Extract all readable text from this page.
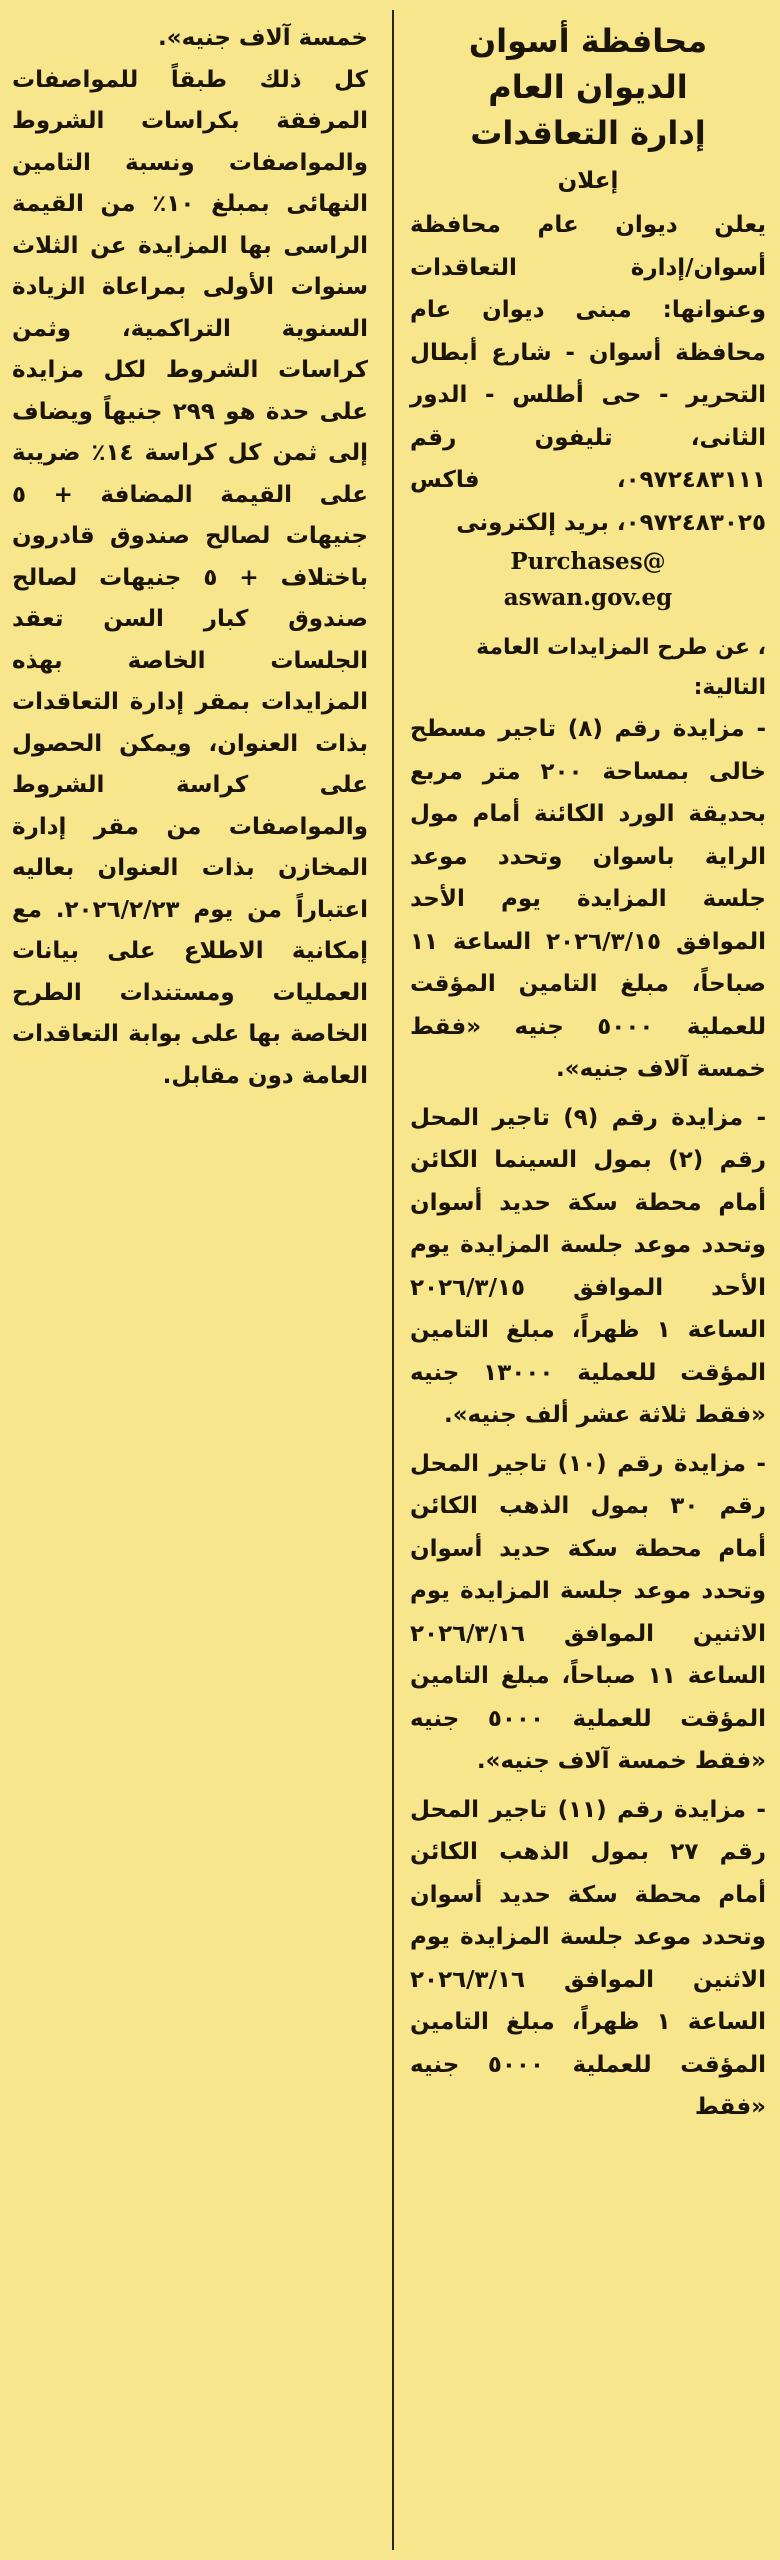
محافظة أسوان

الديوان العام

إدارة التعاقدات

إعلان

يعلن ديوان عام محافظة أسوان/إدارة التعاقدات وعنوانها: مبنى ديوان عام محافظة أسوان - شارع أبطال التحرير - حى أطلس - الدور الثانى، تليفون رقم ٠٩٧٢٤٨٣١١١، فاكس ٠٩٧٢٤٨٣٠٢٥، بريد إلكترونى

Purchases@

aswan.gov.eg

، عن طرح المزايدات العامة التالية:

- مزايدة رقم (٨) تاجير مسطح خالى بمساحة ٢٠٠ متر مربع بحديقة الورد الكائنة أمام مول الراية باسوان وتحدد موعد جلسة المزايدة يوم الأحد الموافق ٢٠٢٦/٣/١٥ الساعة ١١ صباحاً، مبلغ التامين المؤقت للعملية ٥٠٠٠ جنيه «فقط خمسة آلاف جنيه».

- مزايدة رقم (٩) تاجير المحل رقم (٢) بمول السينما الكائن أمام محطة سكة حديد أسوان وتحدد موعد جلسة المزايدة يوم الأحد الموافق ٢٠٢٦/٣/١٥ الساعة ١ ظهراً، مبلغ التامين المؤقت للعملية ١٣٠٠٠ جنيه «فقط ثلاثة عشر ألف جنيه».

- مزايدة رقم (١٠) تاجير المحل رقم ٣٠ بمول الذهب الكائن أمام محطة سكة حديد أسوان وتحدد موعد جلسة المزايدة يوم الاثنين الموافق ٢٠٢٦/٣/١٦ الساعة ١١ صباحاً، مبلغ التامين المؤقت للعملية ٥٠٠٠ جنيه «فقط خمسة آلاف جنيه».

- مزايدة رقم (١١) تاجير المحل رقم ٢٧ بمول الذهب الكائن أمام محطة سكة حديد أسوان وتحدد موعد جلسة المزايدة يوم الاثنين الموافق ٢٠٢٦/٣/١٦ الساعة ١ ظهراً، مبلغ التامين المؤقت للعملية ٥٠٠٠ جنيه «فقط

خمسة آلاف جنيه».

كل ذلك طبقاً للمواصفات المرفقة بكراسات الشروط والمواصفات ونسبة التامين النهائى بمبلغ ١٠٪ من القيمة الراسى بها المزايدة عن الثلاث سنوات الأولى بمراعاة الزيادة السنوية التراكمية، وثمن كراسات الشروط لكل مزايدة على حدة هو ٢٩٩ جنيهاً ويضاف إلى ثمن كل كراسة ١٤٪ ضريبة على القيمة المضافة + ٥ جنيهات لصالح صندوق قادرون باختلاف + ٥ جنيهات لصالح صندوق كبار السن تعقد الجلسات الخاصة بهذه المزايدات بمقر إدارة التعاقدات بذات العنوان، ويمكن الحصول على كراسة الشروط والمواصفات من مقر إدارة المخازن بذات العنوان بعاليه اعتباراً من يوم ٢٠٢٦/٢/٢٣. مع إمكانية الاطلاع على بيانات العمليات ومستندات الطرح الخاصة بها على بوابة التعاقدات العامة دون مقابل.
